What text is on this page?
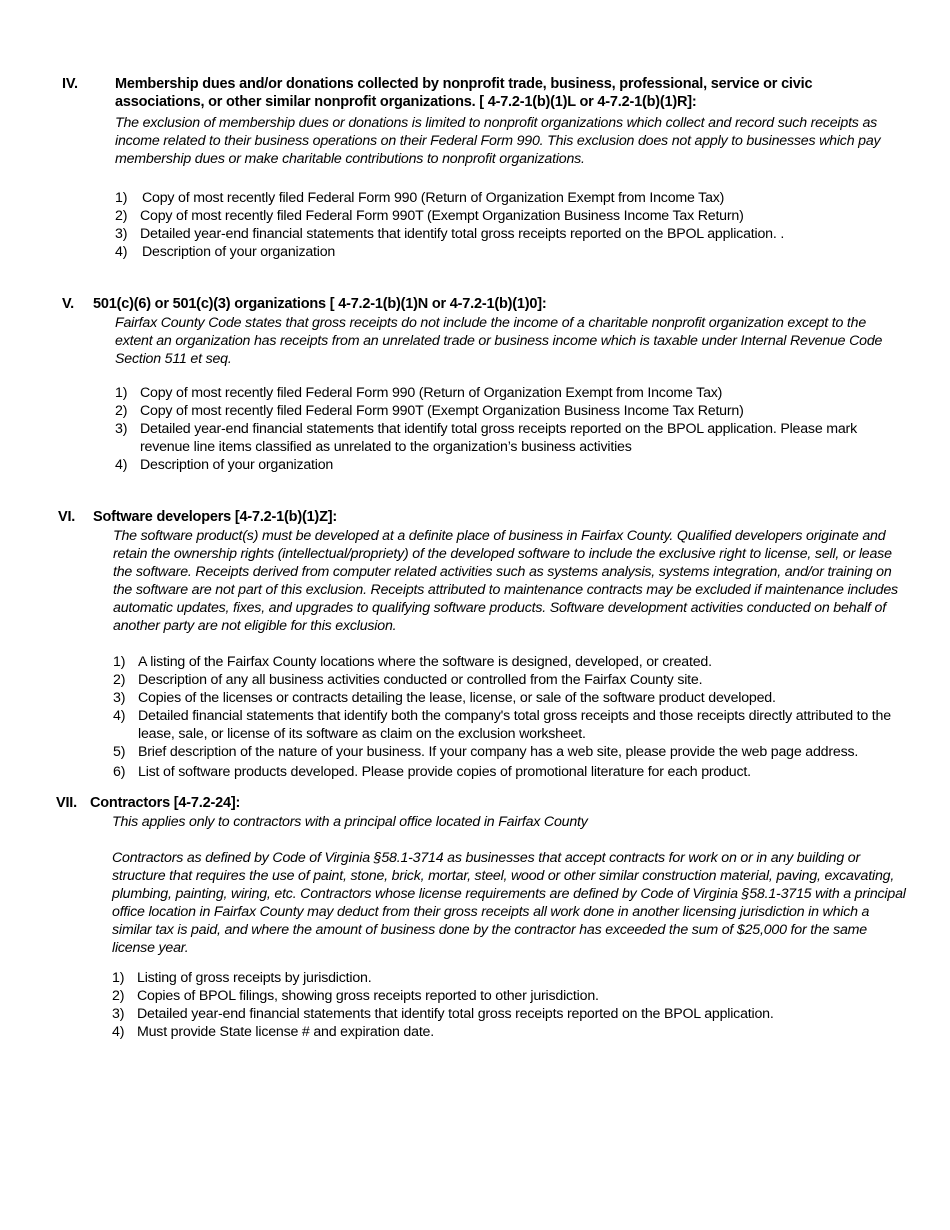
IV.	Membership dues and/or donations collected by nonprofit trade, business, professional, service or civic associations, or other similar nonprofit organizations. [ 4-7.2-1(b)(1)L or 4-7.2-1(b)(1)R]:

The exclusion of membership dues or donations is limited to nonprofit organizations which collect and record such receipts as income related to their business operations on their Federal Form 990. This exclusion does not apply to businesses which pay membership dues or make charitable contributions to nonprofit organizations.

1)	Copy of most recently filed Federal Form 990 (Return of Organization Exempt from Income Tax)
2) Copy of most recently filed Federal Form 990T (Exempt Organization Business Income Tax Return)
3) Detailed year-end financial statements that identify total gross receipts reported on the BPOL application. .
4)	Description of your organization
V. 501(c)(6) or 501(c)(3) organizations [ 4-7.2-1(b)(1)N or 4-7.2-1(b)(1)0]:

Fairfax County Code states that gross receipts do not include the income of a charitable nonprofit organization except to the extent an organization has receipts from an unrelated trade or business income which is taxable under Internal Revenue Code Section 511 et seq.

1) Copy of most recently filed Federal Form 990 (Return of Organization Exempt from Income Tax)
2) Copy of most recently filed Federal Form 990T (Exempt Organization Business Income Tax Return)
3) Detailed year-end financial statements that identify total gross receipts reported on the BPOL application. Please mark revenue line items classified as unrelated to the organization’s business activities
4) Description of your organization
VI. Software developers [4-7.2-1(b)(1)Z]:

The software product(s) must be developed at a definite place of business in Fairfax County. Qualified developers originate and retain the ownership rights (intellectual/propriety) of the developed software to include the exclusive right to license, sell, or lease the software. Receipts derived from computer related activities such as systems analysis, systems integration, and/or training on the software are not part of this exclusion. Receipts attributed to maintenance contracts may be excluded if maintenance includes automatic updates, fixes, and upgrades to qualifying software products. Software development activities conducted on behalf of another party are not eligible for this exclusion.

1) A listing of the Fairfax County locations where the software is designed, developed, or created.
2) Description of any all business activities conducted or controlled from the Fairfax County site.
3) Copies of the licenses or contracts detailing the lease, license, or sale of the software product developed.
4) Detailed financial statements that identify both the company's total gross receipts and those receipts directly attributed to the lease, sale, or license of its software as claim on the exclusion worksheet.
5) Brief description of the nature of your business. If your company has a web site, please provide the web page address.
6) List of software products developed. Please provide copies of promotional literature for each product.
VII. Contractors [4-7.2-24]:

This applies only to contractors with a principal office located in Fairfax County

Contractors as defined by Code of Virginia §58.1-3714 as businesses that accept contracts for work on or in any building or structure that requires the use of paint, stone, brick, mortar, steel, wood or other similar construction material, paving, excavating, plumbing, painting, wiring, etc. Contractors whose license requirements are defined by Code of Virginia §58.1-3715 with a principal office location in Fairfax County may deduct from their gross receipts all work done in another licensing jurisdiction in which a similar tax is paid, and where the amount of business done by the contractor has exceeded the sum of $25,000 for the same license year.

1) Listing of gross receipts by jurisdiction.
2) Copies of BPOL filings, showing gross receipts reported to other jurisdiction.
3) Detailed year-end financial statements that identify total gross receipts reported on the BPOL application.
4) Must provide State license # and expiration date.
